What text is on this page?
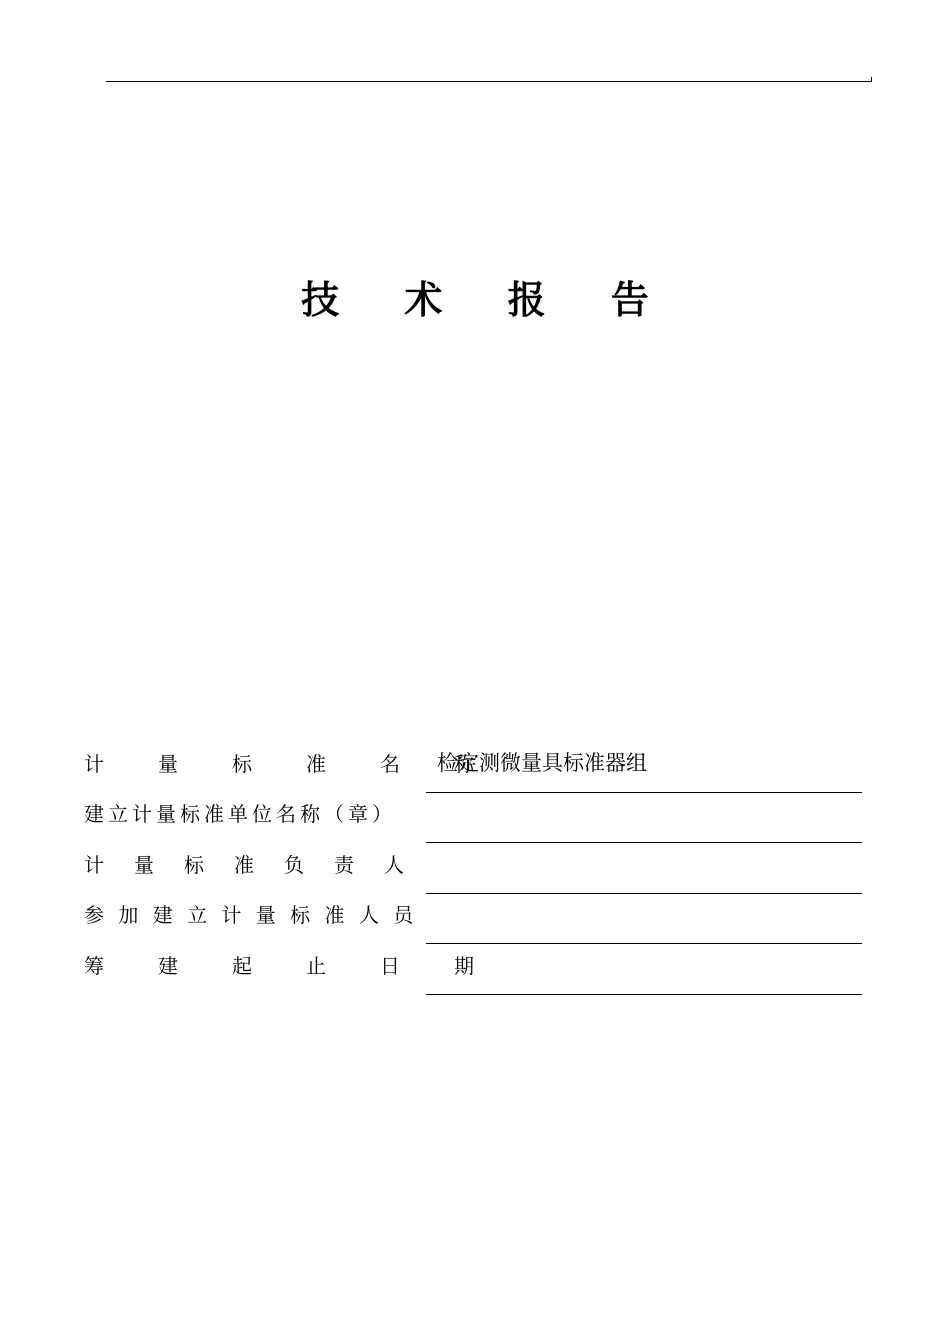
技 术 报 告
计　量　标　准　名　称
检定测微量具标准器组
建立计量标准单位名称（章）
计　量　标　准　负　责　人
参 加 建 立 计 量 标 准 人 员
筹　建　起　止　日　期
